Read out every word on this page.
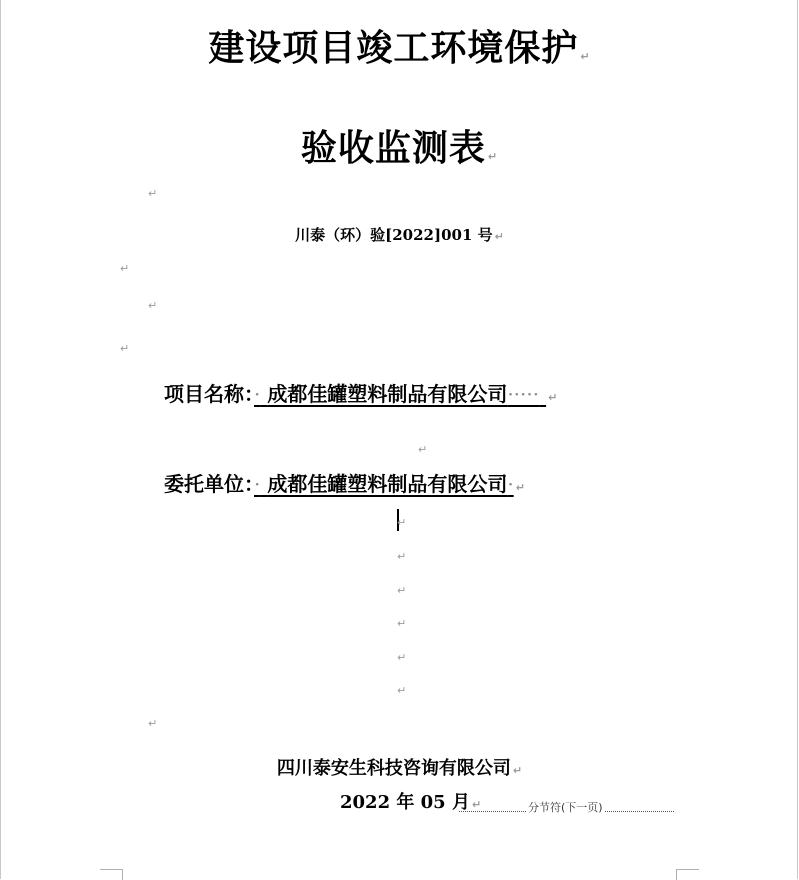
建设项目竣工环境保护 ↵
验收监测表 ↵
↵
川泰（环）验[2022]001 号 ↵
↵
↵
↵
项目名称：· 成都佳罐塑料制品有限公司····· ↵
↵
委托单位：· 成都佳罐塑料制品有限公司· ↵
↵
↵
↵
↵
↵
↵
↵
四川泰安生科技咨询有限公司 ↵
2022 年 05 月 ↵	分节符(下一页)
